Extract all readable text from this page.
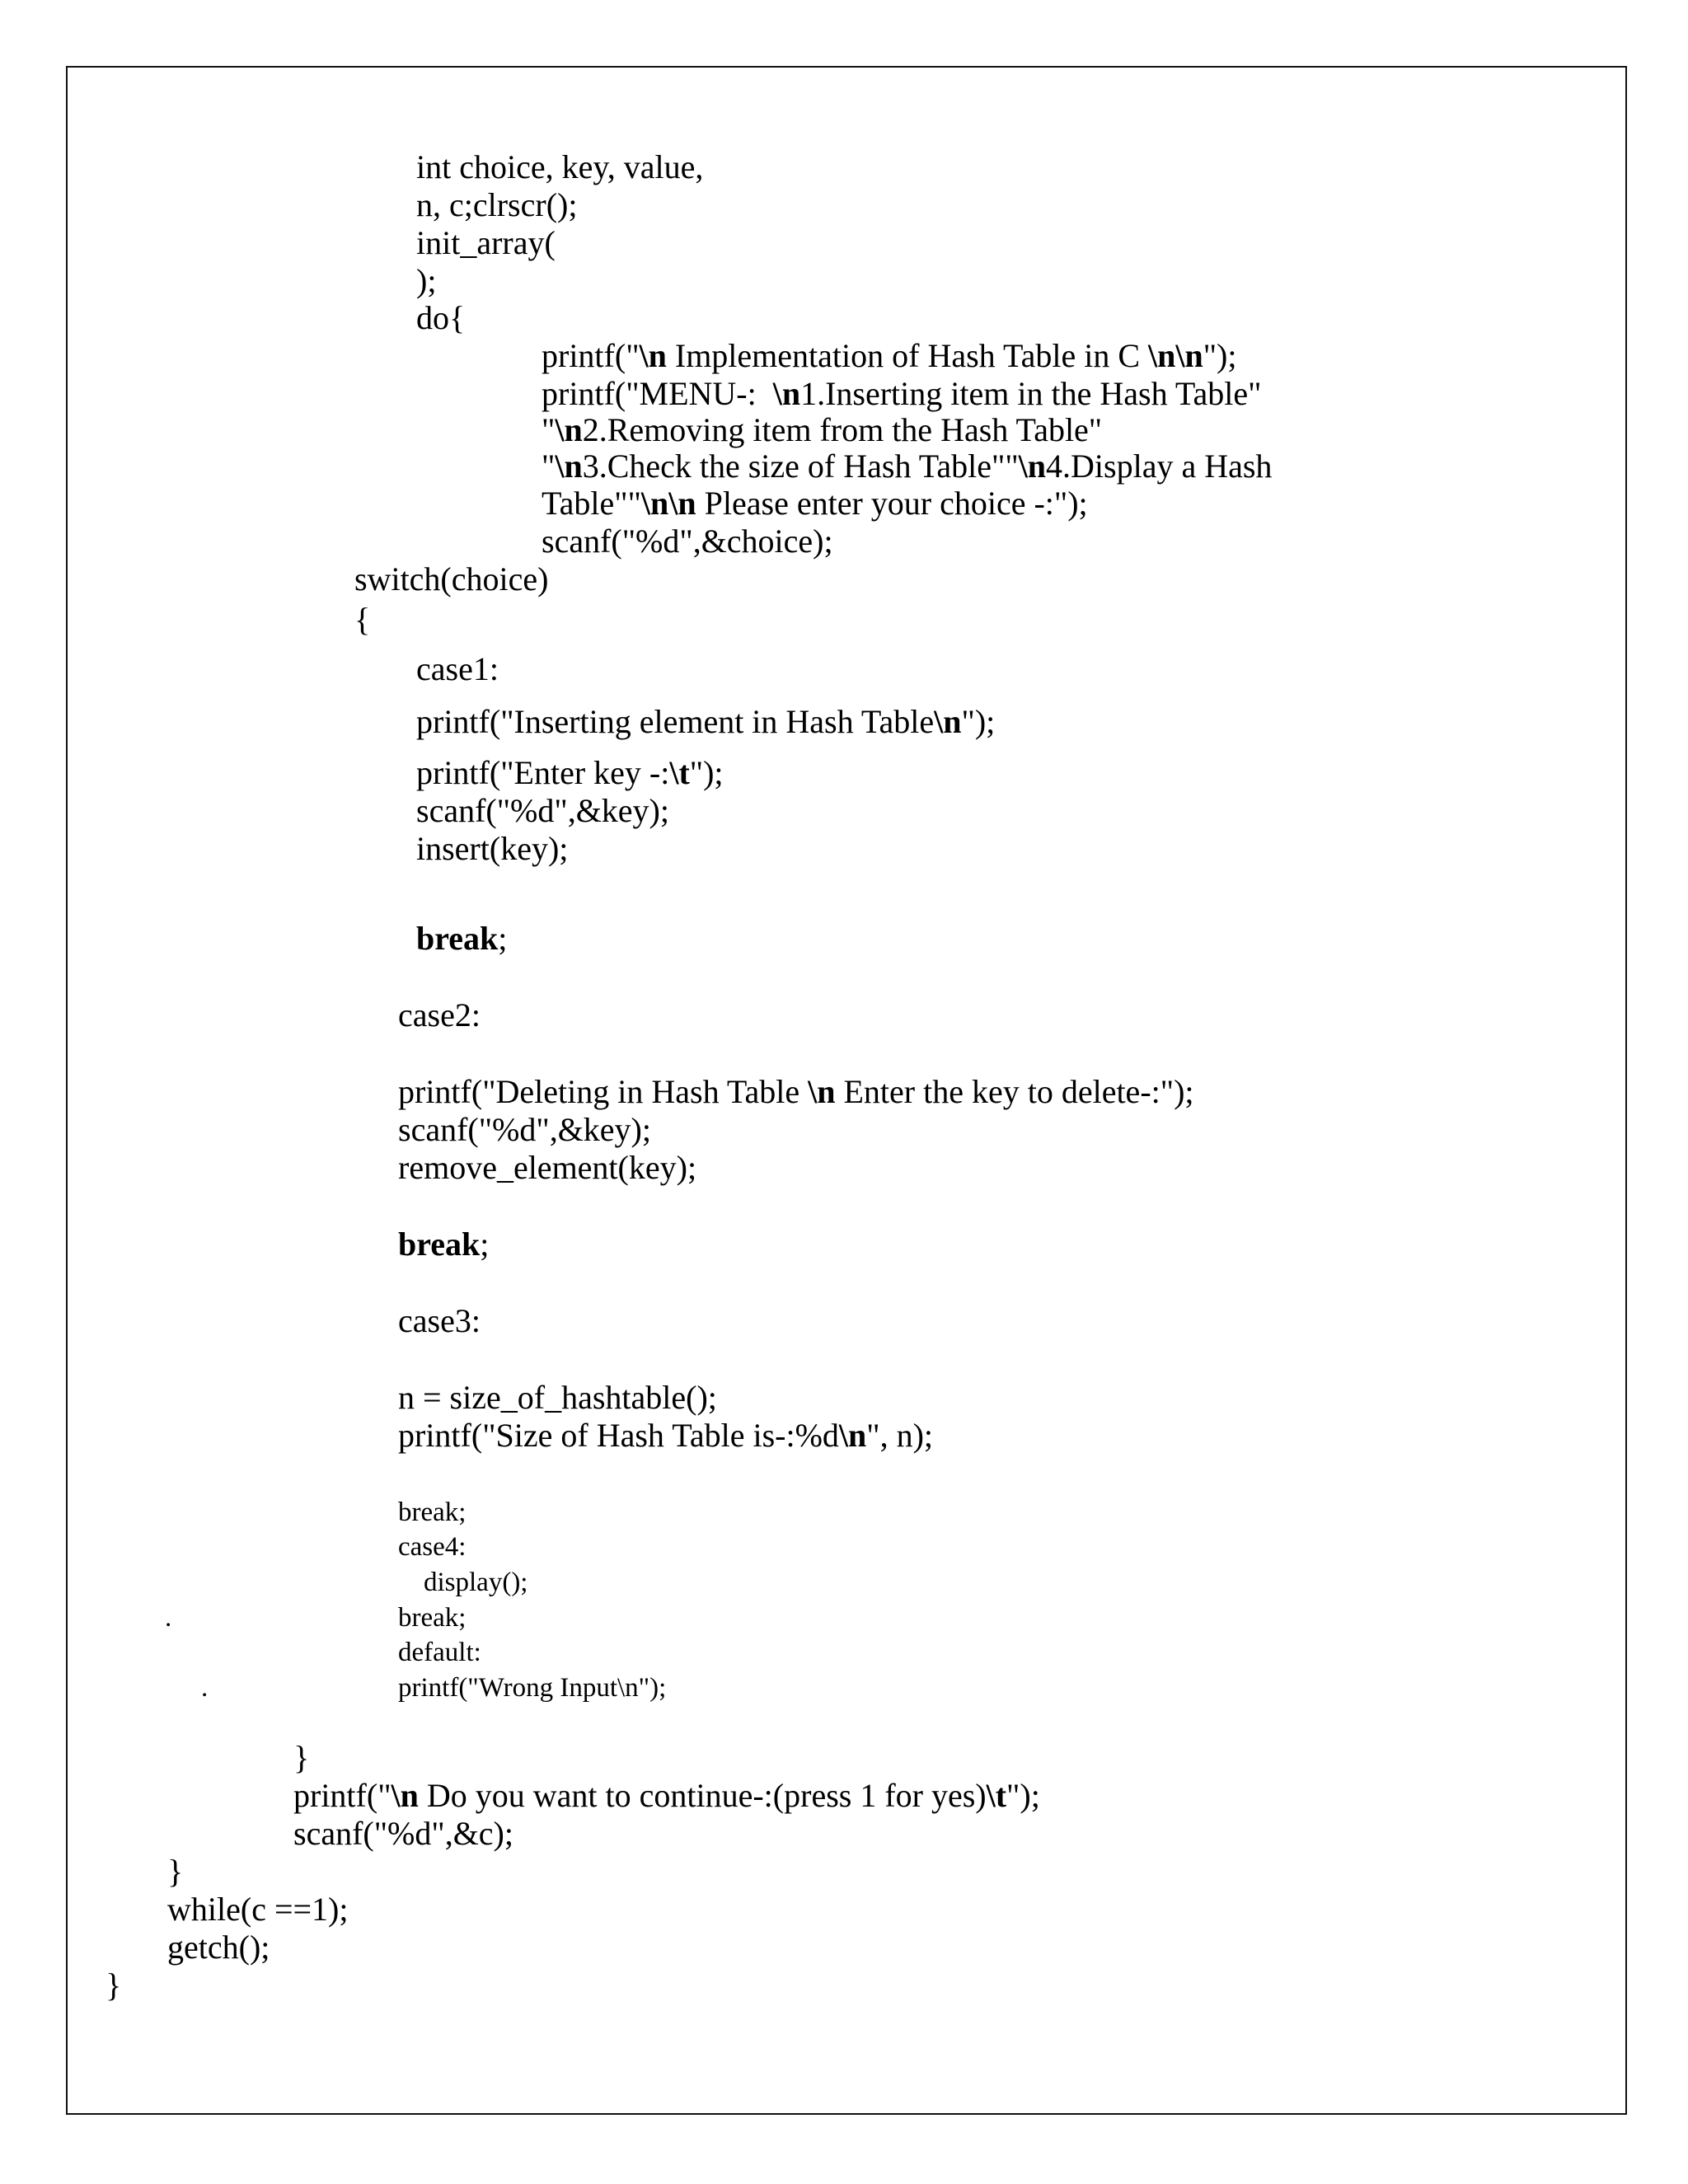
int choice, key, value,
n, c;clrscr();
init_array(
);
do{
printf("\n Implementation of Hash Table in C \n\n");
printf("MENU-:  \n1.Inserting item in the Hash Table"
"\n2.Removing item from the Hash Table"
"\n3.Check the size of Hash Table""\n4.Display a Hash
Table""\n\n Please enter your choice -:");
scanf("%d",&choice);
switch(choice)
{
case1:
printf("Inserting element in Hash Table\n");
printf("Enter key -:\t");
scanf("%d",&key);
insert(key);
break;
case2:
printf("Deleting in Hash Table \n Enter the key to delete-:");
scanf("%d",&key);
remove_element(key);
break;
case3:
n = size_of_hashtable();
printf("Size of Hash Table is-:%d\n", n);
break;
case4:
display();
.	break;
default:
.	printf("Wrong Input\n");
}
printf("\n Do you want to continue-:(press 1 for yes)\t");
scanf("%d",&c);
}
while(c ==1);
getch();
}
